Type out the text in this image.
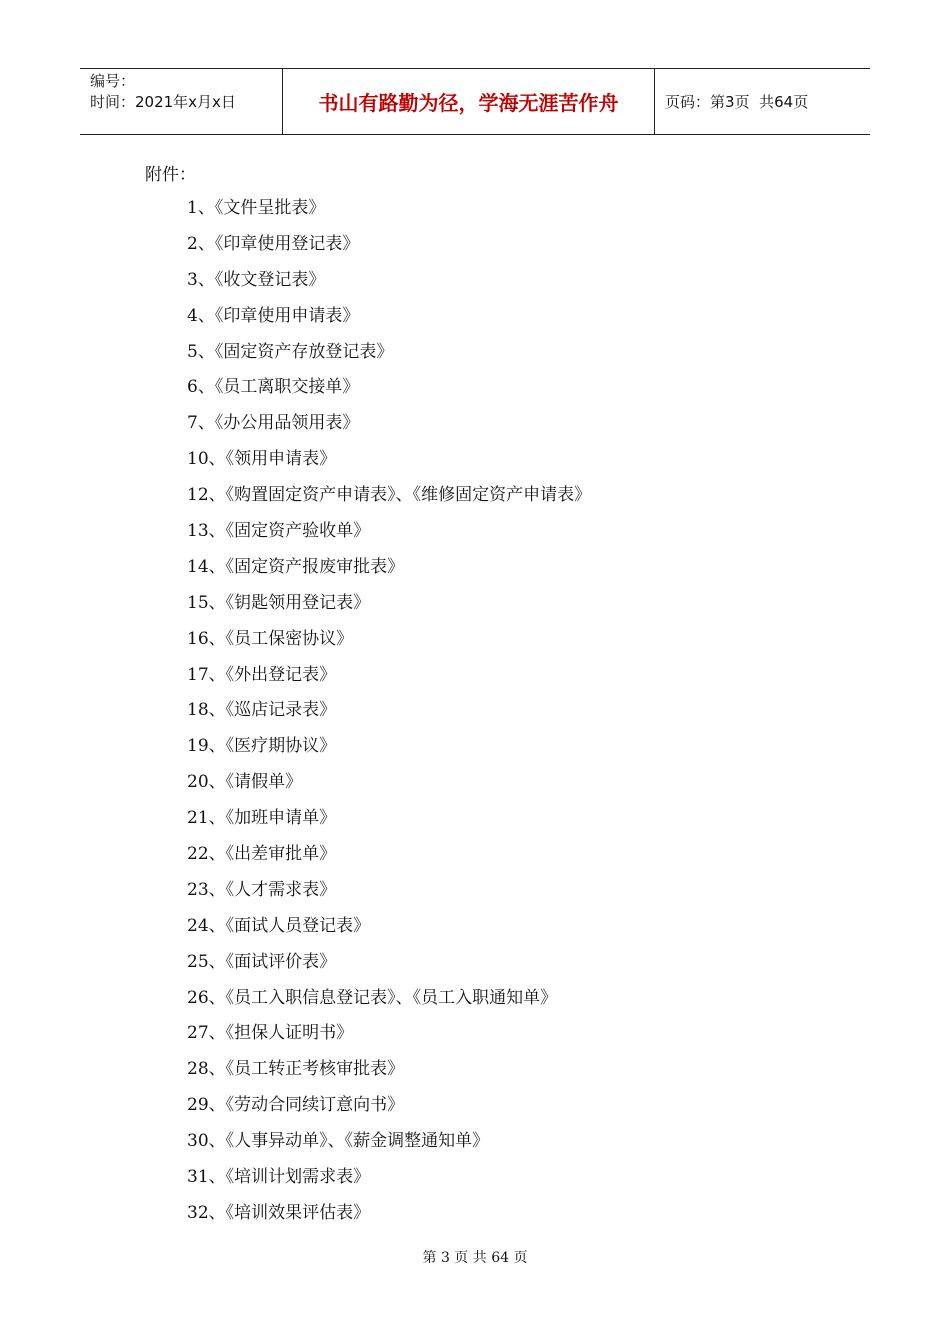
编号：
时间：2021年x月x日	书山有路勤为径，学海无涯苦作舟	页码：第 3 页  共 64 页
附件：
1、《文件呈批表》
2、《印章使用登记表》
3、《收文登记表》
4、《印章使用申请表》
5、《固定资产存放登记表》
6、《员工离职交接单》
7、《办公用品领用表》
10、《领用申请表》
12、《购置固定资产申请表》、《维修固定资产申请表》
13、《固定资产验收单》
14、《固定资产报废审批表》
15、《钥匙领用登记表》
16、《员工保密协议》
17、《外出登记表》
18、《巡店记录表》
19、《医疗期协议》
20、《请假单》
21、《加班申请单》
22、《出差审批单》
23、《人才需求表》
24、《面试人员登记表》
25、《面试评价表》
26、《员工入职信息登记表》、《员工入职通知单》
27、《担保人证明书》
28、《员工转正考核审批表》
29、《劳动合同续订意向书》
30、《人事异动单》、《薪金调整通知单》
31、《培训计划需求表》
32、《培训效果评估表》
第 3 页 共 64 页
